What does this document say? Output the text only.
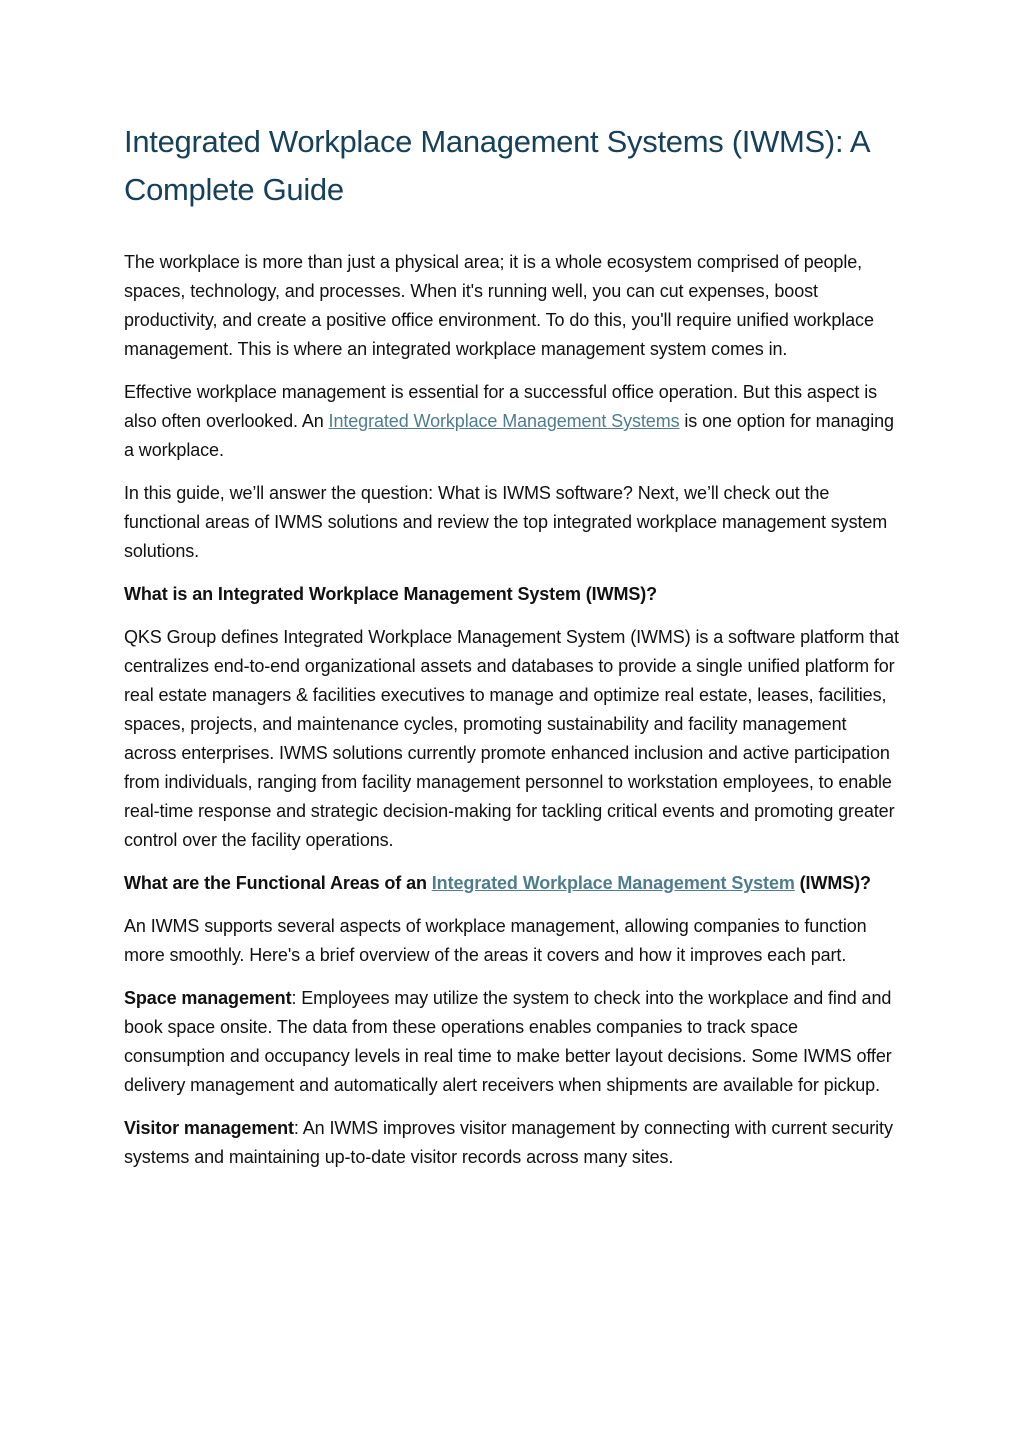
Integrated Workplace Management Systems (IWMS): A Complete Guide

The workplace is more than just a physical area; it is a whole ecosystem comprised of people, spaces, technology, and processes. When it's running well, you can cut expenses, boost productivity, and create a positive office environment. To do this, you'll require unified workplace management. This is where an integrated workplace management system comes in.

Effective workplace management is essential for a successful office operation. But this aspect is also often overlooked. An Integrated Workplace Management Systems is one option for managing a workplace.

In this guide, we’ll answer the question: What is IWMS software? Next, we’ll check out the functional areas of IWMS solutions and review the top integrated workplace management system solutions.

What is an Integrated Workplace Management System (IWMS)?

QKS Group defines Integrated Workplace Management System (IWMS) is a software platform that centralizes end-to-end organizational assets and databases to provide a single unified platform for real estate managers & facilities executives to manage and optimize real estate, leases, facilities, spaces, projects, and maintenance cycles, promoting sustainability and facility management across enterprises. IWMS solutions currently promote enhanced inclusion and active participation from individuals, ranging from facility management personnel to workstation employees, to enable real-time response and strategic decision-making for tackling critical events and promoting greater control over the facility operations.

What are the Functional Areas of an Integrated Workplace Management System (IWMS)?

An IWMS supports several aspects of workplace management, allowing companies to function more smoothly. Here's a brief overview of the areas it covers and how it improves each part.

Space management: Employees may utilize the system to check into the workplace and find and book space onsite. The data from these operations enables companies to track space consumption and occupancy levels in real time to make better layout decisions. Some IWMS offer delivery management and automatically alert receivers when shipments are available for pickup.

Visitor management: An IWMS improves visitor management by connecting with current security systems and maintaining up-to-date visitor records across many sites.
